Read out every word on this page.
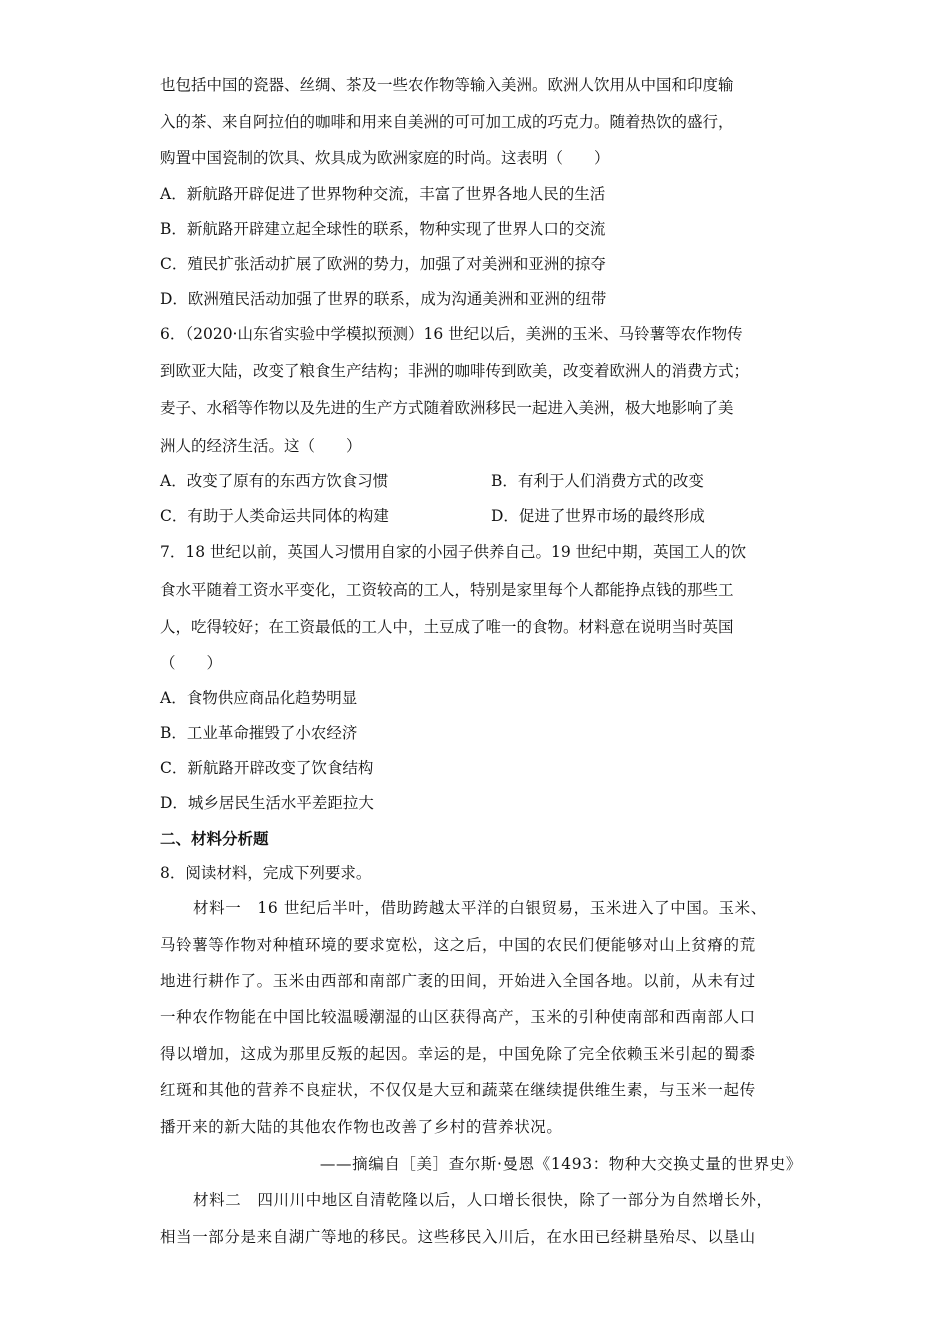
也包括中国的瓷器、丝绸、茶及一些农作物等输入美洲。欧洲人饮用从中国和印度输
入的茶、来自阿拉伯的咖啡和用来自美洲的可可加工成的巧克力。随着热饮的盛行，
购置中国瓷制的饮具、炊具成为欧洲家庭的时尚。这表明（　　）
A．新航路开辟促进了世界物种交流，丰富了世界各地人民的生活
B．新航路开辟建立起全球性的联系，物种实现了世界人口的交流
C．殖民扩张活动扩展了欧洲的势力，加强了对美洲和亚洲的掠夺
D．欧洲殖民活动加强了世界的联系，成为沟通美洲和亚洲的纽带
6．（2020·山东省实验中学模拟预测）16 世纪以后，美洲的玉米、马铃薯等农作物传
到欧亚大陆，改变了粮食生产结构；非洲的咖啡传到欧美，改变着欧洲人的消费方式；
麦子、水稻等作物以及先进的生产方式随着欧洲移民一起进入美洲，极大地影响了美
洲人的经济生活。这（　　）
A．改变了原有的东西方饮食习惯	B．有利于人们消费方式的改变
C．有助于人类命运共同体的构建	D．促进了世界市场的最终形成
7．18 世纪以前，英国人习惯用自家的小园子供养自己。19 世纪中期，英国工人的饮
食水平随着工资水平变化，工资较高的工人，特别是家里每个人都能挣点钱的那些工
人，吃得较好；在工资最低的工人中，土豆成了唯一的食物。材料意在说明当时英国
（　　）
A．食物供应商品化趋势明显
B．工业革命摧毁了小农经济
C．新航路开辟改变了饮食结构
D．城乡居民生活水平差距拉大
二、材料分析题
8．阅读材料，完成下列要求。
材料一　16 世纪后半叶，借助跨越太平洋的白银贸易，玉米进入了中国。玉米、
马铃薯等作物对种植环境的要求宽松，这之后，中国的农民们便能够对山上贫瘠的荒
地进行耕作了。玉米由西部和南部广袤的田间，开始进入全国各地。以前，从未有过
一种农作物能在中国比较温暖潮湿的山区获得高产，玉米的引种使南部和西南部人口
得以增加，这成为那里反叛的起因。幸运的是，中国免除了完全依赖玉米引起的蜀黍
红斑和其他的营养不良症状，不仅仅是大豆和蔬菜在继续提供维生素，与玉米一起传
播开来的新大陆的其他农作物也改善了乡村的营养状况。
——摘编自［美］查尔斯·曼恩《1493：物种大交换丈量的世界史》
材料二　四川川中地区自清乾隆以后，人口增长很快，除了一部分为自然增长外，
相当一部分是来自湖广等地的移民。这些移民入川后，在水田已经耕垦殆尽、以垦山
